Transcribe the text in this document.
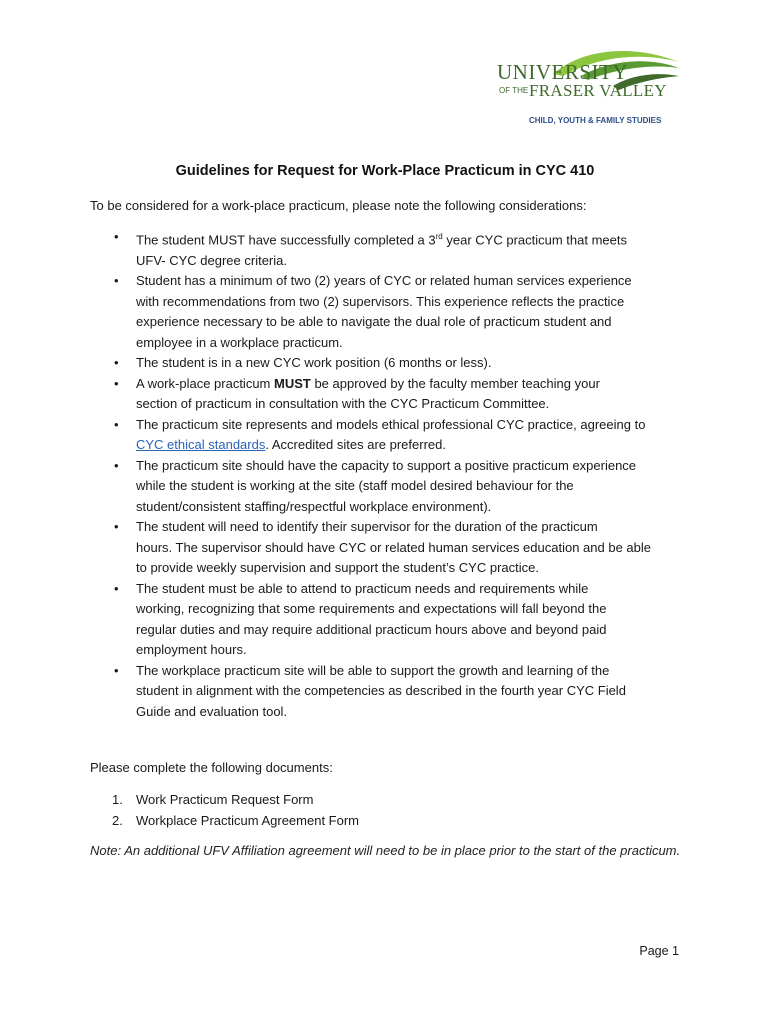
UNIVERSITY
OF THE FRASER VALLEY
CHILD, YOUTH & FAMILY STUDIES
Guidelines for Request for Work-Place Practicum in CYC 410
To be considered for a work-place practicum, please note the following considerations:
• The student MUST have successfully completed a 3rd year CYC practicum that meets
UFV- CYC degree criteria.
• Student has a minimum of two (2) years of CYC or related human services experience
with recommendations from two (2) supervisors. This experience reflects the practice
experience necessary to be able to navigate the dual role of practicum student and
employee in a workplace practicum.
• The student is in a new CYC work position (6 months or less).
• A work-place practicum MUST be approved by the faculty member teaching your
section of practicum in consultation with the CYC Practicum Committee.
• The practicum site represents and models ethical professional CYC practice, agreeing to
CYC ethical standards. Accredited sites are preferred.
• The practicum site should have the capacity to support a positive practicum experience
while the student is working at the site (staff model desired behaviour for the
student/consistent staffing/respectful workplace environment).
• The student will need to identify their supervisor for the duration of the practicum
hours. The supervisor should have CYC or related human services education and be able
to provide weekly supervision and support the student’s CYC practice.
• The student must be able to attend to practicum needs and requirements while
working, recognizing that some requirements and expectations will fall beyond the
regular duties and may require additional practicum hours above and beyond paid
employment hours.
• The workplace practicum site will be able to support the growth and learning of the
student in alignment with the competencies as described in the fourth year CYC Field
Guide and evaluation tool.
Please complete the following documents:
1. Work Practicum Request Form
2. Workplace Practicum Agreement Form
Note: An additional UFV Affiliation agreement will need to be in place prior to the start of the practicum.
Page 1
